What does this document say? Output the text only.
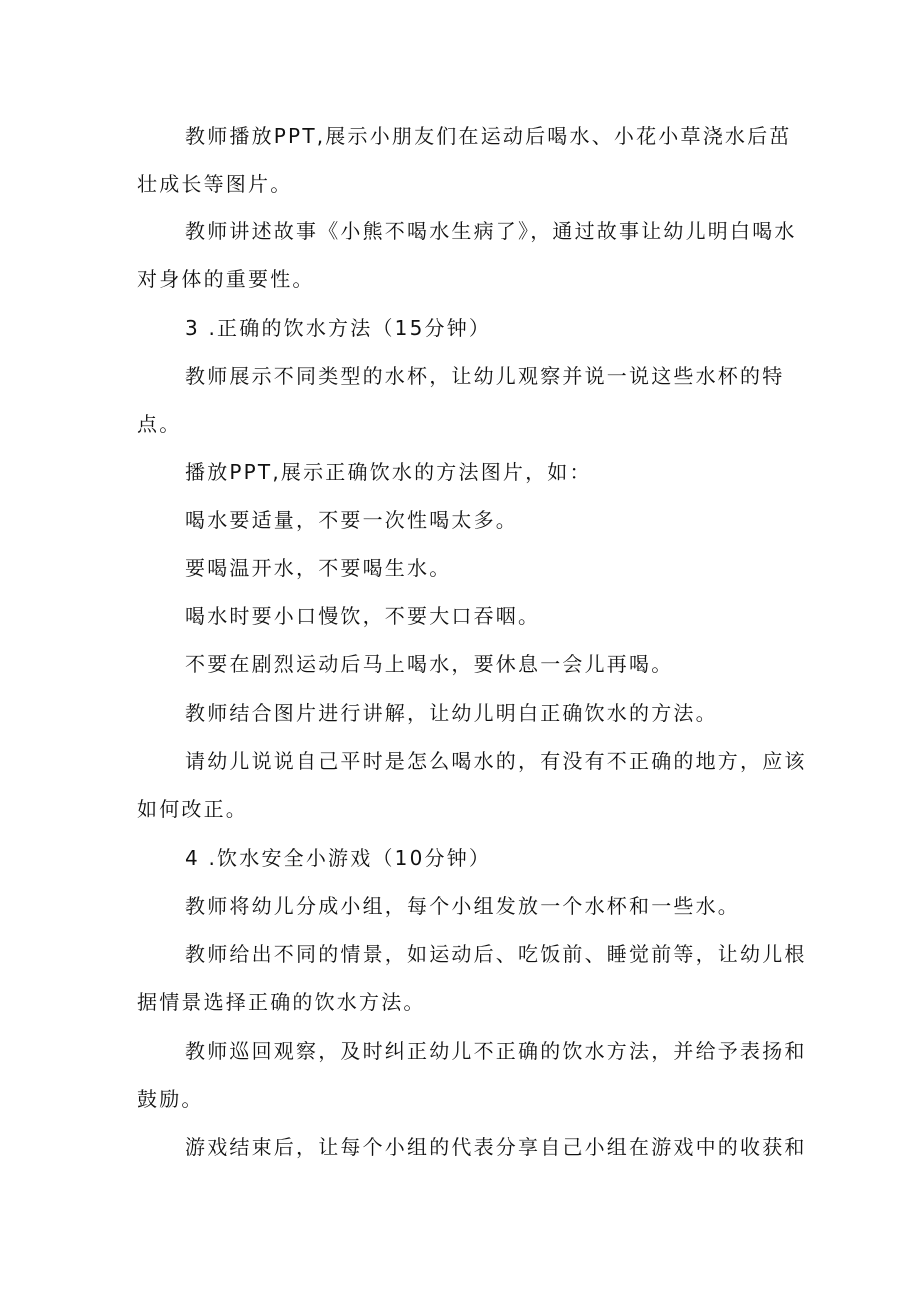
教师播放PPT,展示小朋友们在运动后喝水、小花小草浇水后茁
壮成长等图片。
教师讲述故事《小熊不喝水生病了》，通过故事让幼儿明白喝水
对身体的重要性。
3 .正确的饮水方法（15分钟）
教师展示不同类型的水杯，让幼儿观察并说一说这些水杯的特
点。
播放PPT,展示正确饮水的方法图片，如：
喝水要适量，不要一次性喝太多。
要喝温开水，不要喝生水。
喝水时要小口慢饮，不要大口吞咽。
不要在剧烈运动后马上喝水，要休息一会儿再喝。
教师结合图片进行讲解，让幼儿明白正确饮水的方法。
请幼儿说说自己平时是怎么喝水的，有没有不正确的地方，应该
如何改正。
4 .饮水安全小游戏（10分钟）
教师将幼儿分成小组，每个小组发放一个水杯和一些水。
教师给出不同的情景，如运动后、吃饭前、睡觉前等，让幼儿根
据情景选择正确的饮水方法。
教师巡回观察，及时纠正幼儿不正确的饮水方法，并给予表扬和
鼓励。
游戏结束后，让每个小组的代表分享自己小组在游戏中的收获和
